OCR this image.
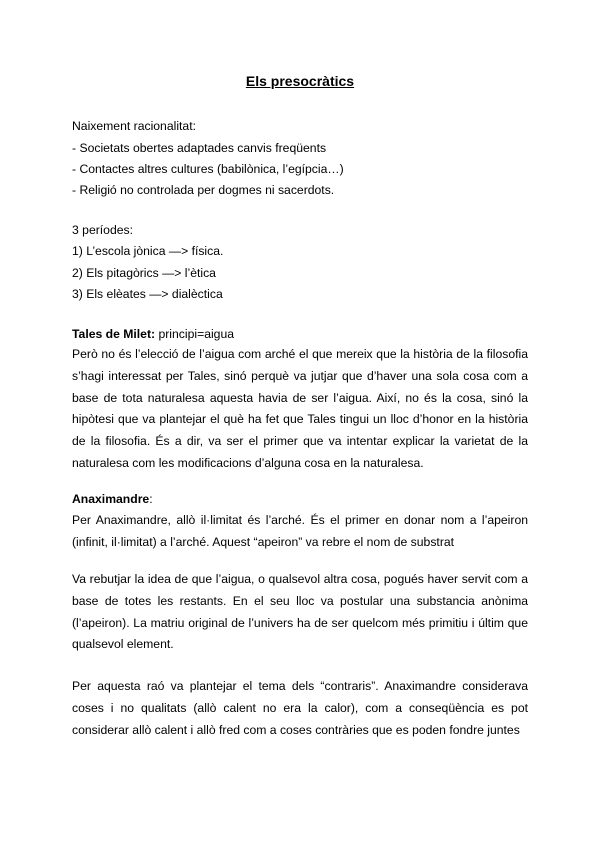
Els presocràtics
Naixement racionalitat:
- Societats obertes adaptades canvis freqüents
- Contactes altres cultures (babilònica, l’egípcia…)
- Religió no controlada per dogmes ni sacerdots.
3 períodes:
1) L’escola jònica —> física.
2) Els pitagòrics —> l’ètica
3) Els elèates —> dialèctica
Tales de Milet: principi=aigua
Però no és l’elecció de l’aigua com arché el que mereix que la història de la filosofia s’hagi interessat per Tales, sinó perquè va jutjar que d’haver una sola cosa com a base de tota naturalesa aquesta havia de ser l’aigua. Així, no és la cosa, sinó la hipòtesi que va plantejar el què ha fet que Tales tingui un lloc d’honor en la història de la filosofia. És a dir, va ser el primer que va intentar explicar la varietat de la naturalesa com les modificacions d’alguna cosa en la naturalesa.
Anaximandre:
Per Anaximandre, allò il·limitat és l’arché. És el primer en donar nom a l’apeiron (infinit, il·limitat) a l’arché. Aquest “apeiron” va rebre el nom de substrat
Va rebutjar la idea de que l’aigua, o qualsevol altra cosa, pogués haver servit com a base de totes les restants. En el seu lloc va postular una substancia anònima (l’apeiron). La matriu original de l’univers ha de ser quelcom més primitiu i últim que qualsevol element.
Per aquesta raó va plantejar el tema dels “contraris”. Anaximandre considerava coses i no qualitats (allò calent no era la calor), com a conseqüència es pot considerar allò calent i allò fred com a coses contràries que es poden fondre juntes
